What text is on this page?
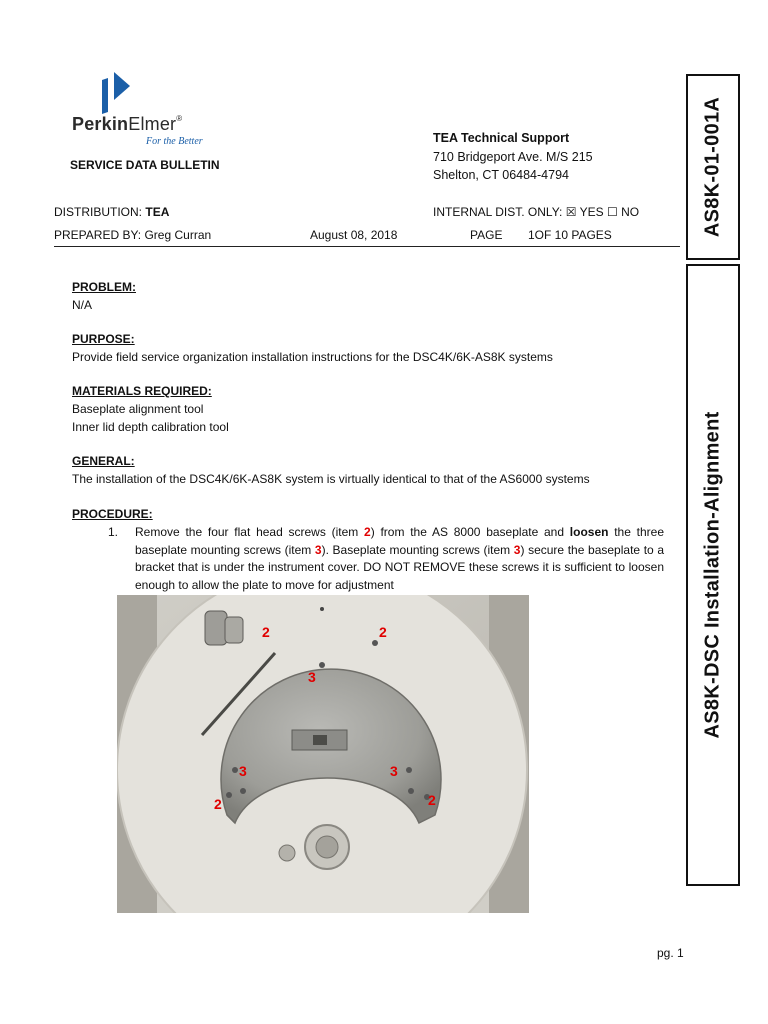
PerkinElmer®
For the Better
SERVICE DATA BULLETIN
TEA Technical Support
710 Bridgeport Ave. M/S 215
Shelton, CT 06484-4794
DISTRIBUTION: TEA	INTERNAL DIST. ONLY: ☒ YES ☐ NO
PREPARED BY: Greg Curran	August 08, 2018	PAGE 1OF 10 PAGES
PROBLEM:
N/A
PURPOSE:
Provide field service organization installation instructions for the DSC4K/6K-AS8K systems
MATERIALS REQUIRED:
Baseplate alignment tool
Inner lid depth calibration tool
GENERAL:
The installation of the DSC4K/6K-AS8K system is virtually identical to that of the AS6000 systems
PROCEDURE:
1. Remove the four flat head screws (item 2) from the AS 8000 baseplate and loosen the three baseplate mounting screws (item 3). Baseplate mounting screws (item 3) secure the baseplate to a bracket that is under the instrument cover. DO NOT REMOVE these screws it is sufficient to loosen enough to allow the plate to move for adjustment
2	2
3
3	3
2	2
AS8K-01-001A
AS8K-DSC Installation-Alignment
pg. 1
